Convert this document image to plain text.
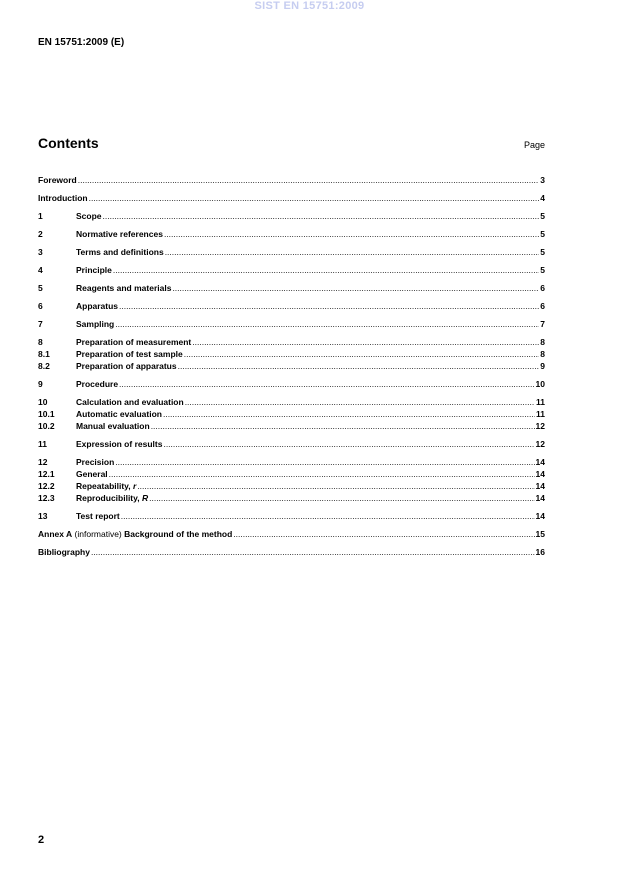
SIST EN 15751:2009
EN 15751:2009 (E)
Contents	Page
Foreword .....	3
Introduction .....	4
1	Scope .....	5
2	Normative references .....	5
3	Terms and definitions .....	5
4	Principle .....	5
5	Reagents and materials .....	6
6	Apparatus .....	6
7	Sampling .....	7
8	Preparation of measurement .....	8
8.1	Preparation of test sample .....	8
8.2	Preparation of apparatus .....	9
9	Procedure .....	10
10	Calculation and evaluation .....	11
10.1	Automatic evaluation .....	11
10.2	Manual evaluation .....	12
11	Expression of results .....	12
12	Precision .....	14
12.1	General .....	14
12.2	Repeatability, r .....	14
12.3	Reproducibility, R .....	14
13	Test report .....	14
Annex A (informative) Background of the method .....	15
Bibliography .....	16
2
